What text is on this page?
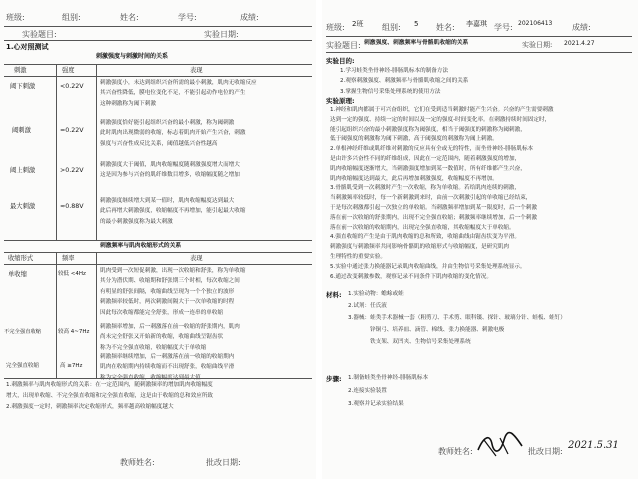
班级:	组别:	姓名:	学号:	成绩:
实验题目:	实验日期:
1.心对照测试
刺激强度与刺激时间的关系
刺激	强度	表现
阈下刺激	<0.22V	刺激强度小，未达到组织兴奋所需的最小刺激，肌肉无收缩反应
其兴奋性降低，膜电位变化不足，不能引起动作电位的产生
这种刺激称为阈下刺激
阈刺激	=0.22V
刺激强度恰好能引起组织兴奋的最小刺激，称为阈刺激
此时肌肉出现微弱的收缩，标志着肌肉开始产生兴奋，刺激
强度与兴奋性成反比关系，阈值越低兴奋性越高
阈上刺激	>0.22V
刺激强度大于阈值，肌肉收缩幅度随刺激强度增大而增大
这是因为参与兴奋的肌纤维数目增多，收缩幅度随之增加
最大刺激	≈0.88V
刺激强度继续增大到某一值时，肌肉收缩幅度达到最大
此后再增大刺激强度，收缩幅度不再增加，能引起最大收缩
的最小刺激强度称为最大刺激
刺激频率与肌肉收缩形式的关系
收缩形式	频率	表现
单收缩	较低 <4Hz	肌肉受到一次短促刺激，出现一次收缩和舒张，称为单收缩
其分为潜伏期、收缩期和舒张期三个时相，每次收缩之间
有明显的舒张间隔，收缩曲线呈现为一个个独立的波形
刺激频率较低时，两次刺激间隔大于一次单收缩的时程
因此每次收缩都能完全舒张，形成一连串的单收缩
不完全强直收缩	较高 4~7Hz
刺激频率增加，后一刺激落在前一收缩的舒张期内，肌肉
尚未完全舒张又开始新的收缩，收缩曲线呈锯齿状
称为不完全强直收缩，收缩幅度大于单收缩
完全强直收缩	高 ≥7Hz
刺激频率继续增加，后一刺激落在前一收缩的收缩期内
肌肉在收缩期内持续收缩而不出现舒张，收缩曲线平滑
1.刺激频率与肌肉收缩形式的关系：在一定范围内，随刺激频率的增加肌肉收缩幅度
增大，出现单收缩、不完全强直收缩和完全强直收缩，这是由于收缩的总和效应所致
2.刺激强度一定时，刺激频率决定收缩形式，频率越高收缩幅度越大
教师姓名:	批改日期:
班级: 2班 组别: 5 姓名: 李嘉琪 学号: 202106413 成绩:
实验题目: 刺激强度、刺激频率与骨骼肌收缩的关系	实验日期: 2021.4.27
实验目的:
1.学习蛙类坐骨神经-腓肠肌标本的制备方法
2.观察刺激强度、刺激频率与骨骼肌收缩之间的关系
3.掌握生物信号采集处理系统的使用方法
实验原理:
1.神经和肌肉都属于可兴奋组织，它们在受到适当刺激时能产生兴奋。兴奋的产生需要刺激
达到一定的强度、持续一定的时间以及一定的强度-时间变化率。在刺激持续时间固定时，
能引起组织兴奋的最小刺激强度称为阈强度，相当于阈强度的刺激称为阈刺激，
低于阈强度的刺激称为阈下刺激，高于阈强度的刺激称为阈上刺激。
2.单根神经纤维或肌纤维对刺激的反应具有全或无的特性，而坐骨神经-腓肠肌标本
是由许多兴奋性不同的纤维组成，因此在一定范围内，随着刺激强度的增加，
肌肉收缩幅度逐渐增大，当刺激强度增加到某一数值时，所有纤维都产生兴奋，
肌肉收缩幅度达到最大，此后再增加刺激强度，收缩幅度不再增加。
3.骨骼肌受到一次刺激时产生一次收缩，称为单收缩。若给肌肉连续的刺激，
当刺激频率较低时，每一个新刺激到来时，由前一次刺激引起的单收缩已经结束，
于是每次刺激都引起一次独立的单收缩。当刺激频率增加到某一限度时，后一个刺激
落在前一次收缩的舒张期内，出现不完全强直收缩；刺激频率继续增加，后一个刺激
落在前一次收缩的收缩期内，出现完全强直收缩，其收缩幅度大于单收缩。
4.强直收缩的产生是由于肌肉收缩的总和所致，收缩曲线由锯齿状变为平滑。
刺激强度与刺激频率共同影响骨骼肌的收缩形式与收缩幅度，是研究肌肉
生理特性的重要实验。
5.实验中通过张力换能器记录肌肉收缩曲线，并由生物信号采集处理系统显示。
6.通过改变刺激参数，观察记录不同条件下肌肉收缩的变化情况。
材料: 1.实验动物：蟾蜍或蛙
2.试剂：任氏液
3.器械：蛙类手术器械一套（粗剪刀、手术剪、眼科镊、探针、玻璃分针、蛙板、蛙钉）
锌铜弓、培养皿、滴管、棉线、张力换能器、刺激电极
铁支架、双凹夹、生物信号采集处理系统
步骤: 1.制备蛙类坐骨神经-腓肠肌标本
2.连接实验装置
3.观察并记录实验结果
教师姓名:	批改日期:
2021.5.31
